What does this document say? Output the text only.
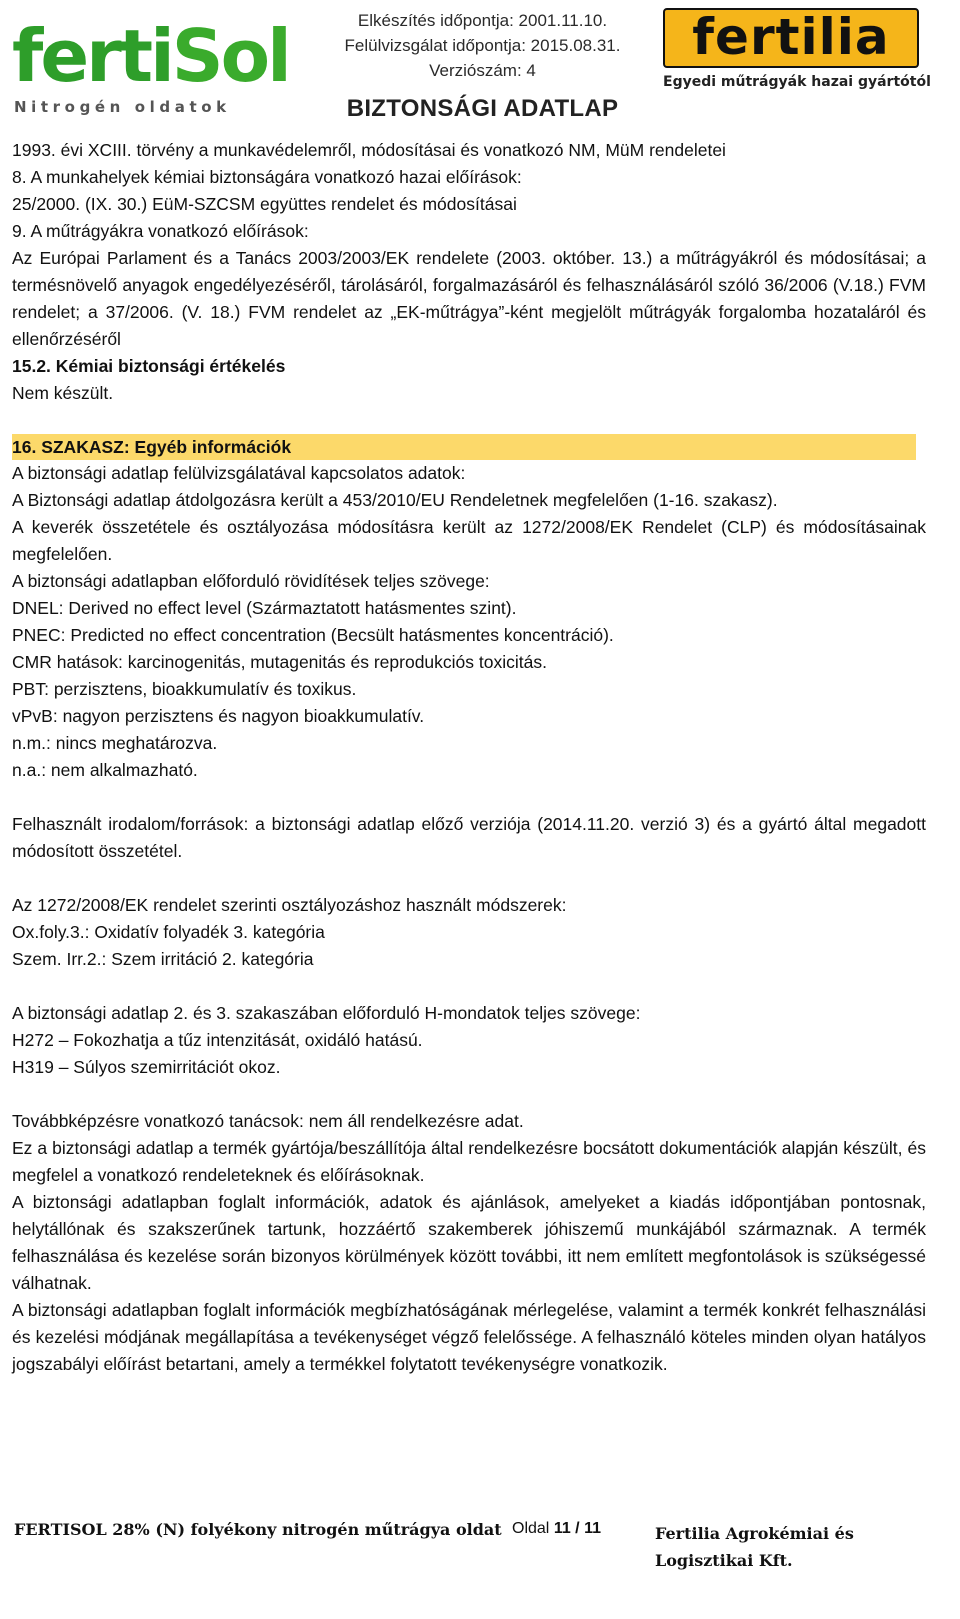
fertiSol
Nitrogén oldatok
Elkészítés időpontja: 2001.11.10.
Felülvizsgálat időpontja: 2015.08.31.
Verziószám: 4
BIZTONSÁGI ADATLAP
fertilia
Egyedi műtrágyák hazai gyártótól

1993. évi XCIII. törvény a munkavédelemről, módosításai és vonatkozó NM, MüM rendeletei

8. A munkahelyek kémiai biztonságára vonatkozó hazai előírások:

25/2000. (IX. 30.) EüM-SZCSM együttes rendelet és módosításai

9. A műtrágyákra vonatkozó előírások:

Az Európai Parlament és a Tanács 2003/2003/EK rendelete (2003. október. 13.) a műtrágyákról és módosításai; a termésnövelő anyagok engedélyezéséről, tárolásáról, forgalmazásáról és felhasználásáról szóló 36/2006 (V.18.) FVM rendelet; a 37/2006. (V. 18.) FVM rendelet az „EK-műtrágya”-ként megjelölt műtrágyák forgalomba hozataláról és ellenőrzéséről

15.2. Kémiai biztonsági értékelés

Nem készült.

16. SZAKASZ: Egyéb információk

A biztonsági adatlap felülvizsgálatával kapcsolatos adatok:

A Biztonsági adatlap átdolgozásra került a 453/2010/EU Rendeletnek megfelelően (1-16. szakasz).

A keverék összetétele és osztályozása módosításra került az 1272/2008/EK Rendelet (CLP) és módosításainak megfelelően.

A biztonsági adatlapban előforduló rövidítések teljes szövege:

DNEL: Derived no effect level (Származtatott hatásmentes szint).

PNEC: Predicted no effect concentration (Becsült hatásmentes koncentráció).

CMR hatások: karcinogenitás, mutagenitás és reprodukciós toxicitás.

PBT: perzisztens, bioakkumulatív és toxikus.

vPvB: nagyon perzisztens és nagyon bioakkumulatív.

n.m.: nincs meghatározva.

n.a.: nem alkalmazható.

Felhasznált irodalom/források: a biztonsági adatlap előző verziója (2014.11.20. verzió 3) és a gyártó által megadott módosított összetétel.

Az 1272/2008/EK rendelet szerinti osztályozáshoz használt módszerek:

Ox.foly.3.: Oxidatív folyadék 3. kategória

Szem. Irr.2.: Szem irritáció 2. kategória

A biztonsági adatlap 2. és 3. szakaszában előforduló H-mondatok teljes szövege:

H272 – Fokozhatja a tűz intenzitását, oxidáló hatású.

H319 – Súlyos szemirritációt okoz.

Továbbképzésre vonatkozó tanácsok: nem áll rendelkezésre adat.

Ez a biztonsági adatlap a termék gyártója/beszállítója által rendelkezésre bocsátott dokumentációk alapján készült, és megfelel a vonatkozó rendeleteknek és előírásoknak.

A biztonsági adatlapban foglalt információk, adatok és ajánlások, amelyeket a kiadás időpontjában pontosnak, helytállónak és szakszerűnek tartunk, hozzáértő szakemberek jóhiszemű munkájából származnak. A termék felhasználása és kezelése során bizonyos körülmények között további, itt nem említett megfontolások is szükségessé válhatnak.

A biztonsági adatlapban foglalt információk megbízhatóságának mérlegelése, valamint a termék konkrét felhasználási és kezelési módjának megállapítása a tevékenységet végző felelőssége. A felhasználó köteles minden olyan hatályos jogszabályi előírást betartani, amely a termékkel folytatott tevékenységre vonatkozik.

FERTISOL 28% (N) folyékony nitrogén műtrágya oldat Oldal 11 / 11	Fertilia Agrokémiai és
Logisztikai Kft.
